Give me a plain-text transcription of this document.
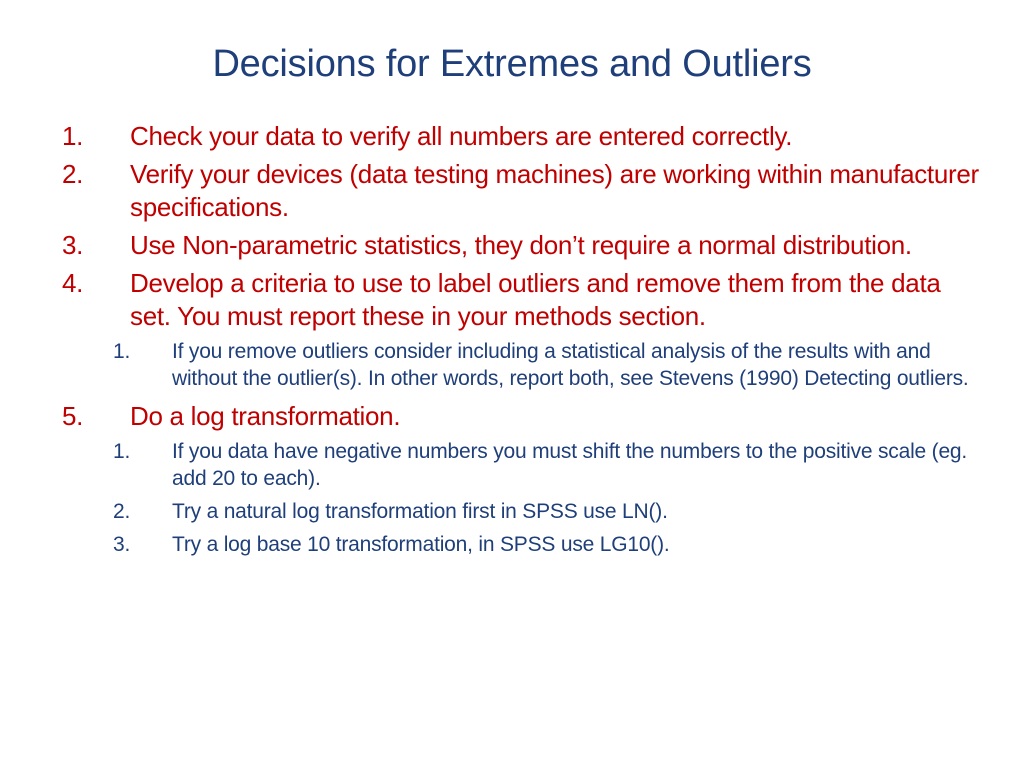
Decisions for Extremes and Outliers
1. Check your data to verify all numbers are entered correctly.
2. Verify your devices (data testing machines) are working within manufacturer specifications.
3. Use Non-parametric statistics, they don’t require a normal distribution.
4. Develop a criteria to use to label outliers and remove them from the data set. You must report these in your methods section.
1. If you remove outliers consider including a statistical analysis of the results with and without the outlier(s). In other words, report both, see Stevens (1990) Detecting outliers.
5. Do a log transformation.
1. If you data have negative numbers you must shift the numbers to the positive scale (eg. add 20 to each).
2. Try a natural log transformation first in SPSS use LN().
3. Try a log base 10 transformation, in SPSS use LG10().
